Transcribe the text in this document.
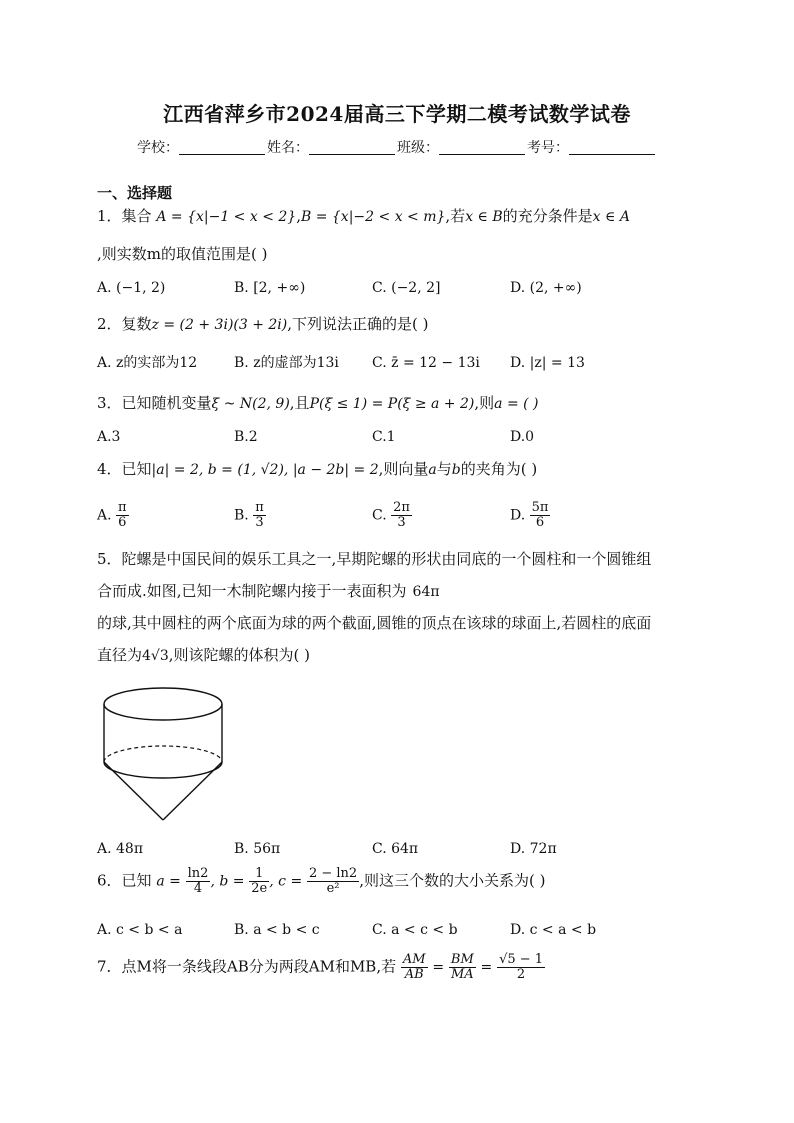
江西省萍乡市2024届高三下学期二模考试数学试卷
学校：	姓名：	班级：	考号：
一、选择题
1．集合 A = {x|−1 < x < 2},B = {x|−2 < x < m},若x ∈ B的充分条件是x ∈ A
,则实数m的取值范围是( )
A. (−1, 2)	B. [2, +∞)	C. (−2, 2]	D. (2, +∞)
2．复数z = (2 + 3i)(3 + 2i),下列说法正确的是( )
A. z的实部为12	B. z的虚部为13i C. z̄ = 12 − 13i D. |z| = 13
3．已知随机变量ξ ~ N(2, 9),且P(ξ ≤ 1) = P(ξ ≥ a + 2),则a = ( )
A.3	B.2	C.1	D.0
4．已知|a| = 2, b = (1, √2), |a − 2b| = 2,则向量a与b的夹角为( )
A. $\frac{\pi}{6}$	B. $\frac{\pi}{3}$	C. $\frac{2\pi}{3}$	D. $\frac{5\pi}{6}$
5．陀螺是中国民间的娱乐工具之一,早期陀螺的形状由同底的一个圆柱和一个圆锥组
合而成.如图,已知一木制陀螺内接于一表面积为 64π
的球,其中圆柱的两个底面为球的两个截面,圆锥的顶点在该球的球面上,若圆柱的底面
直径为4√3,则该陀螺的体积为( )
A. 48π	B. 56π	C. 64π	D. 72π
6．已知 $a = \frac{\ln 2}{4}$ , $b = \frac{1}{2e}$ , $c = \frac{2 - \ln 2}{\text{e²}}$ ,则这三个数的大小关系为( )
A. c < b < a	B. a < b < c	C. a < c < b	D. c < a < b
7．点M将一条线段AB分为两段AM和MB,若 $\frac{AM}{AB} = \frac{BM}{MA} = \frac{√5 - 1}{2}$
